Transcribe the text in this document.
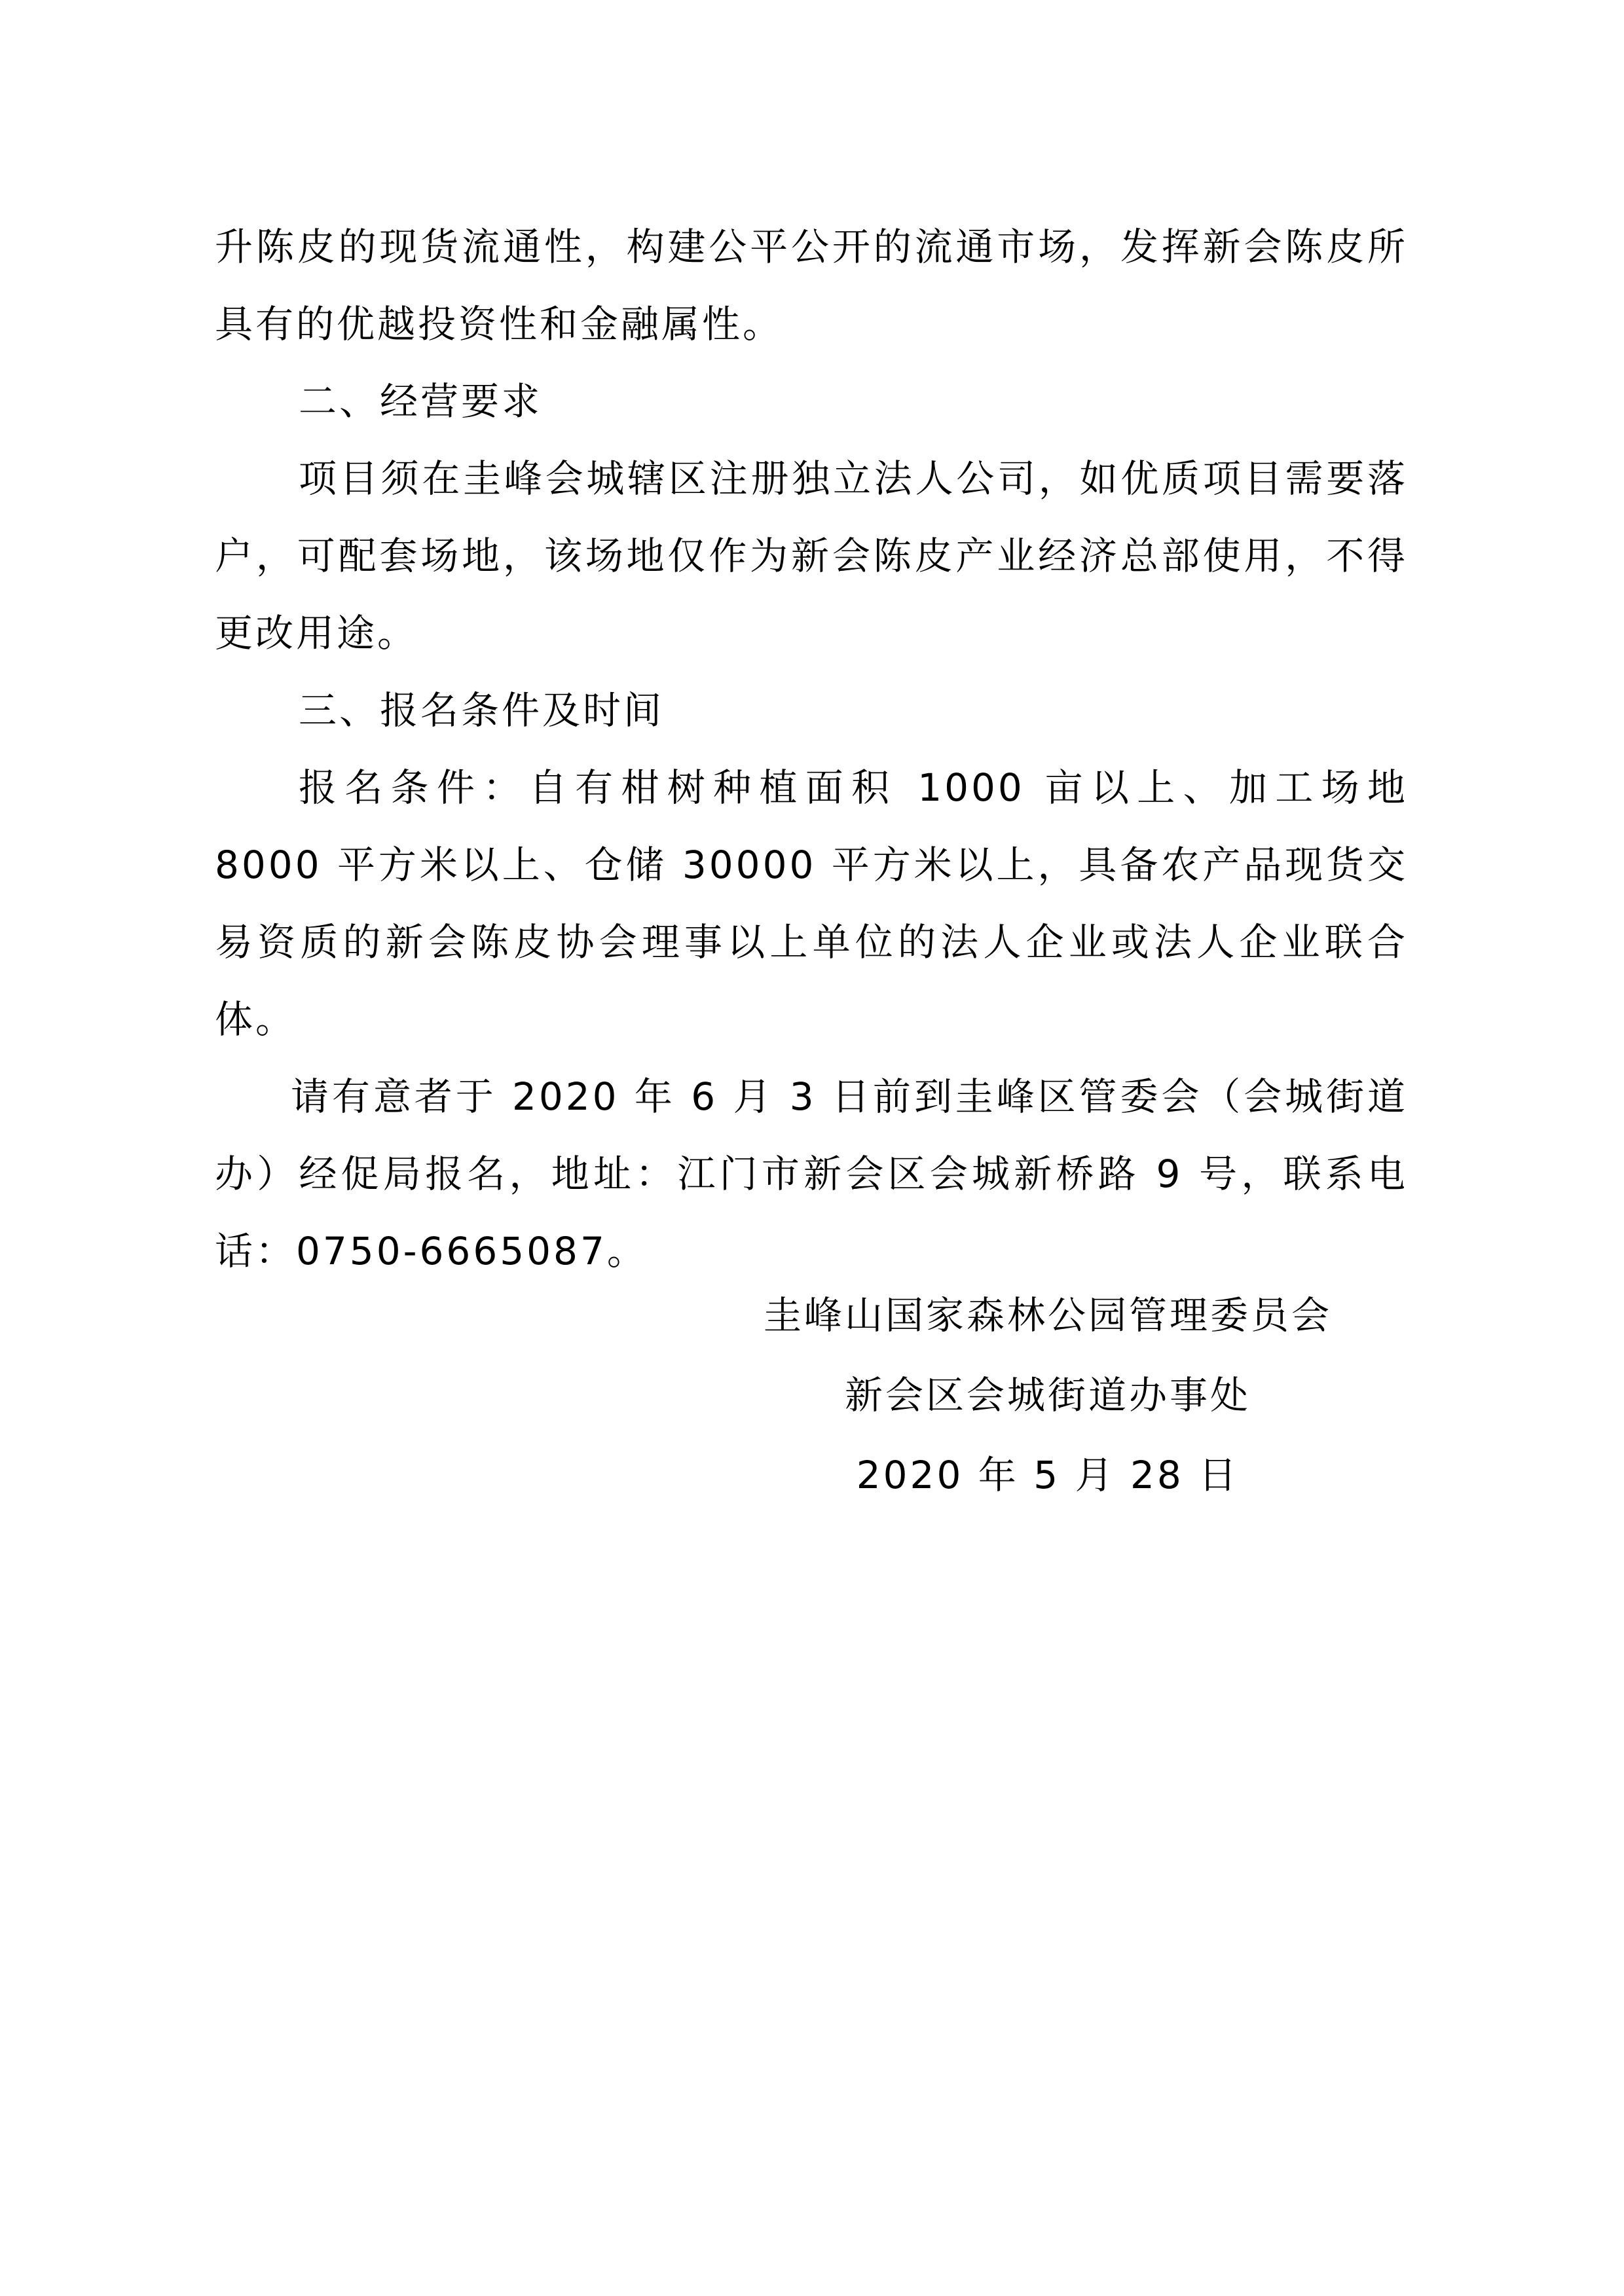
升陈皮的现货流通性，构建公平公开的流通市场，发挥新会陈皮所具有的优越投资性和金融属性。

二、经营要求

项目须在圭峰会城辖区注册独立法人公司，如优质项目需要落户，可配套场地，该场地仅作为新会陈皮产业经济总部使用，不得更改用途。

三、报名条件及时间

报名条件：自有柑树种植面积 1000 亩以上、加工场地 8000 平方米以上、仓储 30000 平方米以上，具备农产品现货交易资质的新会陈皮协会理事以上单位的法人企业或法人企业联合体。

请有意者于 2020 年 6 月 3 日前到圭峰区管委会（会城街道办）经促局报名，地址：江门市新会区会城新桥路 9 号，联系电话：0750-6665087。

圭峰山国家森林公园管理委员会
新会区会城街道办事处
2020 年 5 月 28 日
